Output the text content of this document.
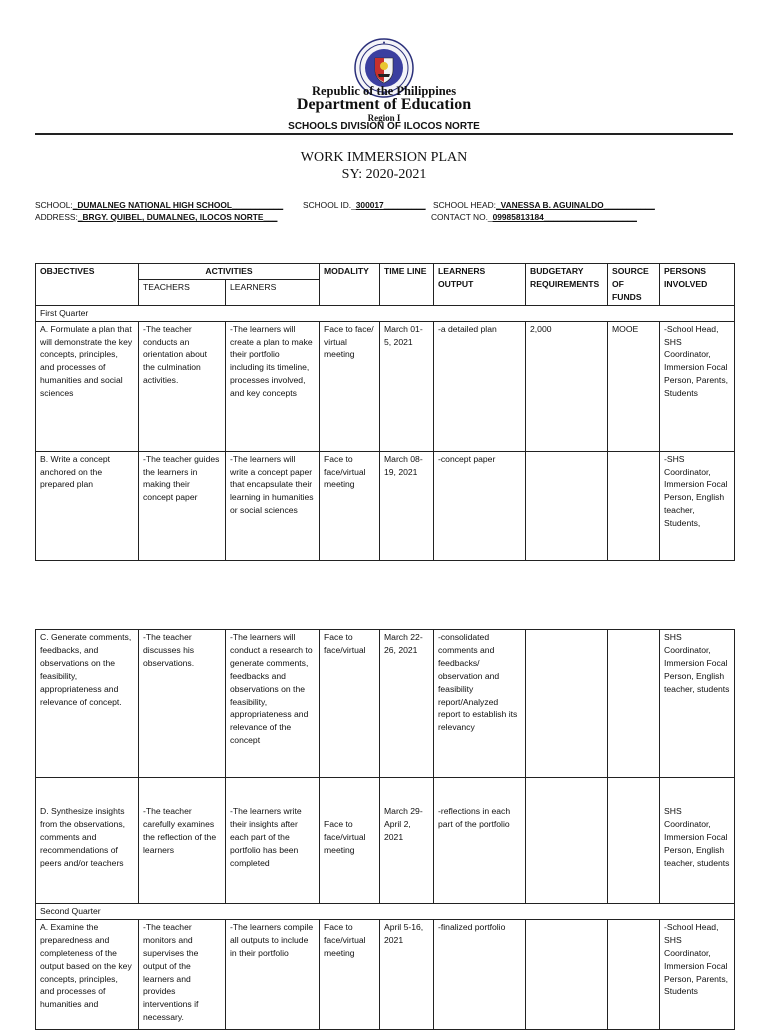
Republic of the Philippines
Department of Education
Region I
SCHOOLS DIVISION OF ILOCOS NORTE
WORK IMMERSION PLAN
SY: 2020-2021
SCHOOL:_DUMALNEG NATIONAL HIGH SCHOOL___________ SCHOOL ID._300017_________ SCHOOL HEAD:_VANESSA B. AGUINALDO___________
ADDRESS:_BRGY. QUIBEL, DUMALNEG, ILOCOS NORTE___	CONTACT NO._09985813184____________________
OBJECTIVES	ACTIVITIES		MODALITY	TIME LINE	LEARNERS OUTPUT	BUDGETARY REQUIREMENTS	SOURCE OF FUNDS	PERSONS INVOLVED
	TEACHERS	LEARNERS						
First Quarter								
A. Formulate a plan that will demonstrate the key concepts, principles, and processes of humanities and social sciences	-The teacher conducts an orientation about the culmination activities.	-The learners will create a plan to make their portfolio including its timeline, processes involved, and key concepts	Face to face/ virtual meeting	March 01-5, 2021	-a detailed plan	2,000	MOOE	-School Head, SHS Coordinator, Immersion Focal Person, Parents, Students
B. Write a concept anchored on the prepared plan	-The teacher guides the learners in making their concept paper	-The learners will write a concept paper that encapsulate their learning in humanities or social sciences	Face to face/virtual meeting	March 08-19, 2021	-concept paper			-SHS Coordinator, Immersion Focal Person, English teacher, Students,
C. Generate comments, feedbacks, and observations on the feasibility, appropriateness and relevance of concept.	-The teacher discusses his observations.	-The learners will conduct a research to generate comments, feedbacks and observations on the feasibility, appropriateness and relevance of the concept	Face to face/virtual	March 22-26, 2021	-consolidated comments and feedbacks/ observation and feasibility report/Analyzed report to establish its relevancy			SHS Coordinator, Immersion Focal Person, English teacher, students
D. Synthesize insights from the observations, comments and recommendations of peers and/or teachers	-The teacher carefully examines the reflection of the learners	-The learners write their insights after each part of the portfolio has been completed	Face to face/virtual meeting	March 29-April 2, 2021	-reflections in each part of the portfolio			SHS Coordinator, Immersion Focal Person, English teacher, students
Second Quarter								
A. Examine the preparedness and completeness of the output based on the key concepts, principles, and processes of humanities and	-The teacher monitors and supervises the output of the learners and provides interventions if necessary.	-The learners compile all outputs to include in their portfolio	Face to face/virtual meeting	April 5-16, 2021	-finalized portfolio			-School Head, SHS Coordinator, Immersion Focal Person, Parents, Students
